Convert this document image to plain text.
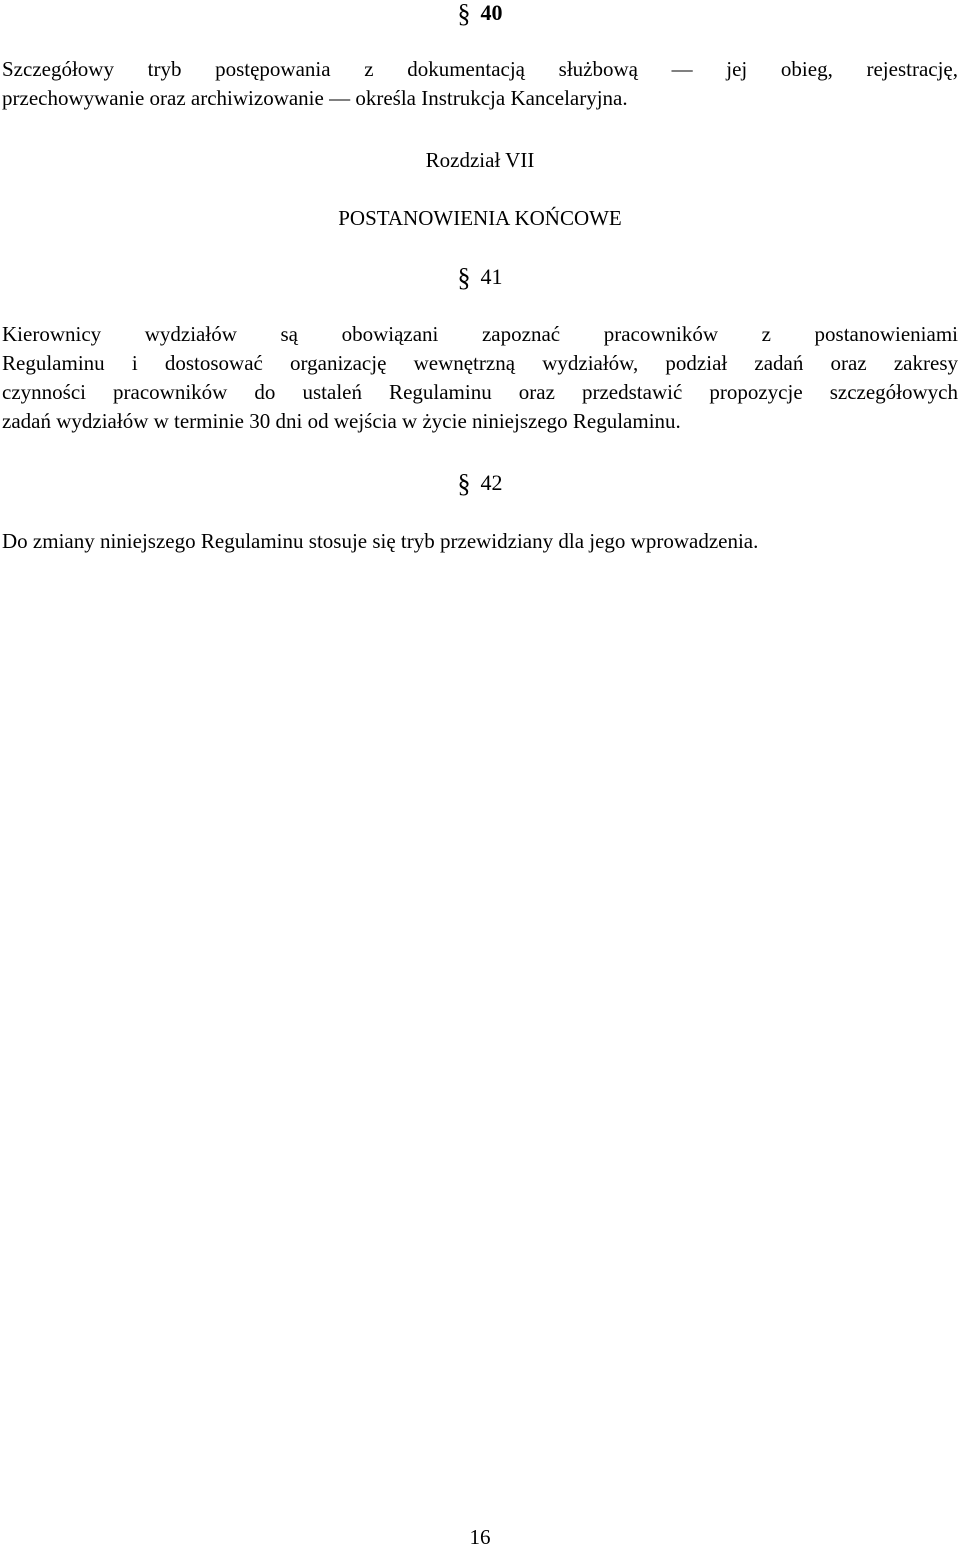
§ 40

Szczegółowy tryb postępowania z dokumentacją służbową — jej obieg, rejestrację,
przechowywanie oraz archiwizowanie — określa Instrukcja Kancelaryjna.

Rozdział VII
POSTANOWIENIA KOŃCOWE
§ 41

Kierownicy wydziałów są obowiązani zapoznać pracowników z postanowieniami
Regulaminu i dostosować organizację wewnętrzną wydziałów, podział zadań oraz zakresy
czynności pracowników do ustaleń Regulaminu oraz przedstawić propozycje szczegółowych
zadań wydziałów w terminie 30 dni od wejścia w życie niniejszego Regulaminu.

§ 42

Do zmiany niniejszego Regulaminu stosuje się tryb przewidziany dla jego wprowadzenia.

16
